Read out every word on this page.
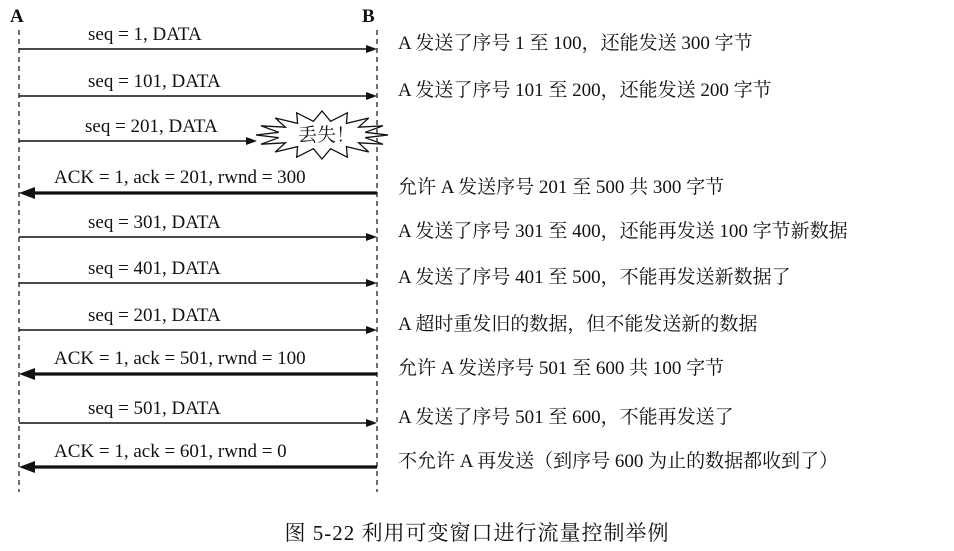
A	B
seq = 1, DATA
seq = 101, DATA
seq = 201, DATA	丢失！
ACK = 1, ack = 201, rwnd = 300
seq = 301, DATA
seq = 401, DATA
seq = 201, DATA
ACK = 1, ack = 501, rwnd = 100
seq = 501, DATA
ACK = 1, ack = 601, rwnd = 0
A 发送了序号 1 至 100，还能发送 300 字节
A 发送了序号 101 至 200，还能发送 200 字节
允许 A 发送序号 201 至 500 共 300 字节
A 发送了序号 301 至 400，还能再发送 100 字节新数据
A 发送了序号 401 至 500，不能再发送新数据了
A 超时重发旧的数据，但不能发送新的数据
允许 A 发送序号 501 至 600 共 100 字节
A 发送了序号 501 至 600，不能再发送了
不允许 A 再发送（到序号 600 为止的数据都收到了）
图 5-22 利用可变窗口进行流量控制举例
